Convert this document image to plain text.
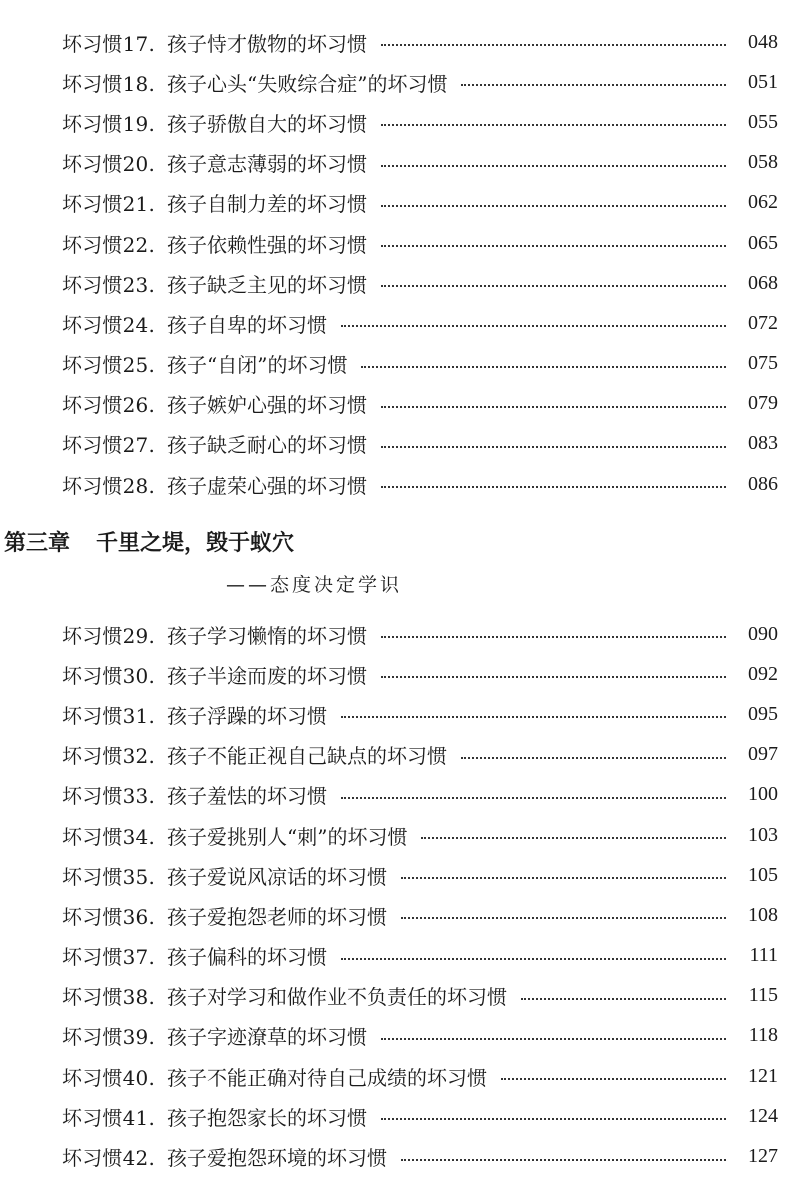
坏习惯17. 孩子恃才傲物的坏习惯	048
坏习惯18. 孩子心头“失败综合症”的坏习惯	051
坏习惯19. 孩子骄傲自大的坏习惯	055
坏习惯20. 孩子意志薄弱的坏习惯	058
坏习惯21. 孩子自制力差的坏习惯	062
坏习惯22. 孩子依赖性强的坏习惯	065
坏习惯23. 孩子缺乏主见的坏习惯	068
坏习惯24. 孩子自卑的坏习惯	072
坏习惯25. 孩子“自闭”的坏习惯	075
坏习惯26. 孩子嫉妒心强的坏习惯	079
坏习惯27. 孩子缺乏耐心的坏习惯	083
坏习惯28. 孩子虚荣心强的坏习惯	086
第三章 千里之堤，毁于蚁穴
——态度决定学识
坏习惯29. 孩子学习懒惰的坏习惯	090
坏习惯30. 孩子半途而废的坏习惯	092
坏习惯31. 孩子浮躁的坏习惯	095
坏习惯32. 孩子不能正视自己缺点的坏习惯	097
坏习惯33. 孩子羞怯的坏习惯	100
坏习惯34. 孩子爱挑别人“刺”的坏习惯	103
坏习惯35. 孩子爱说风凉话的坏习惯	105
坏习惯36. 孩子爱抱怨老师的坏习惯	108
坏习惯37. 孩子偏科的坏习惯	111
坏习惯38. 孩子对学习和做作业不负责任的坏习惯	115
坏习惯39. 孩子字迹潦草的坏习惯	118
坏习惯40. 孩子不能正确对待自己成绩的坏习惯	121
坏习惯41. 孩子抱怨家长的坏习惯	124
坏习惯42. 孩子爱抱怨环境的坏习惯	127
